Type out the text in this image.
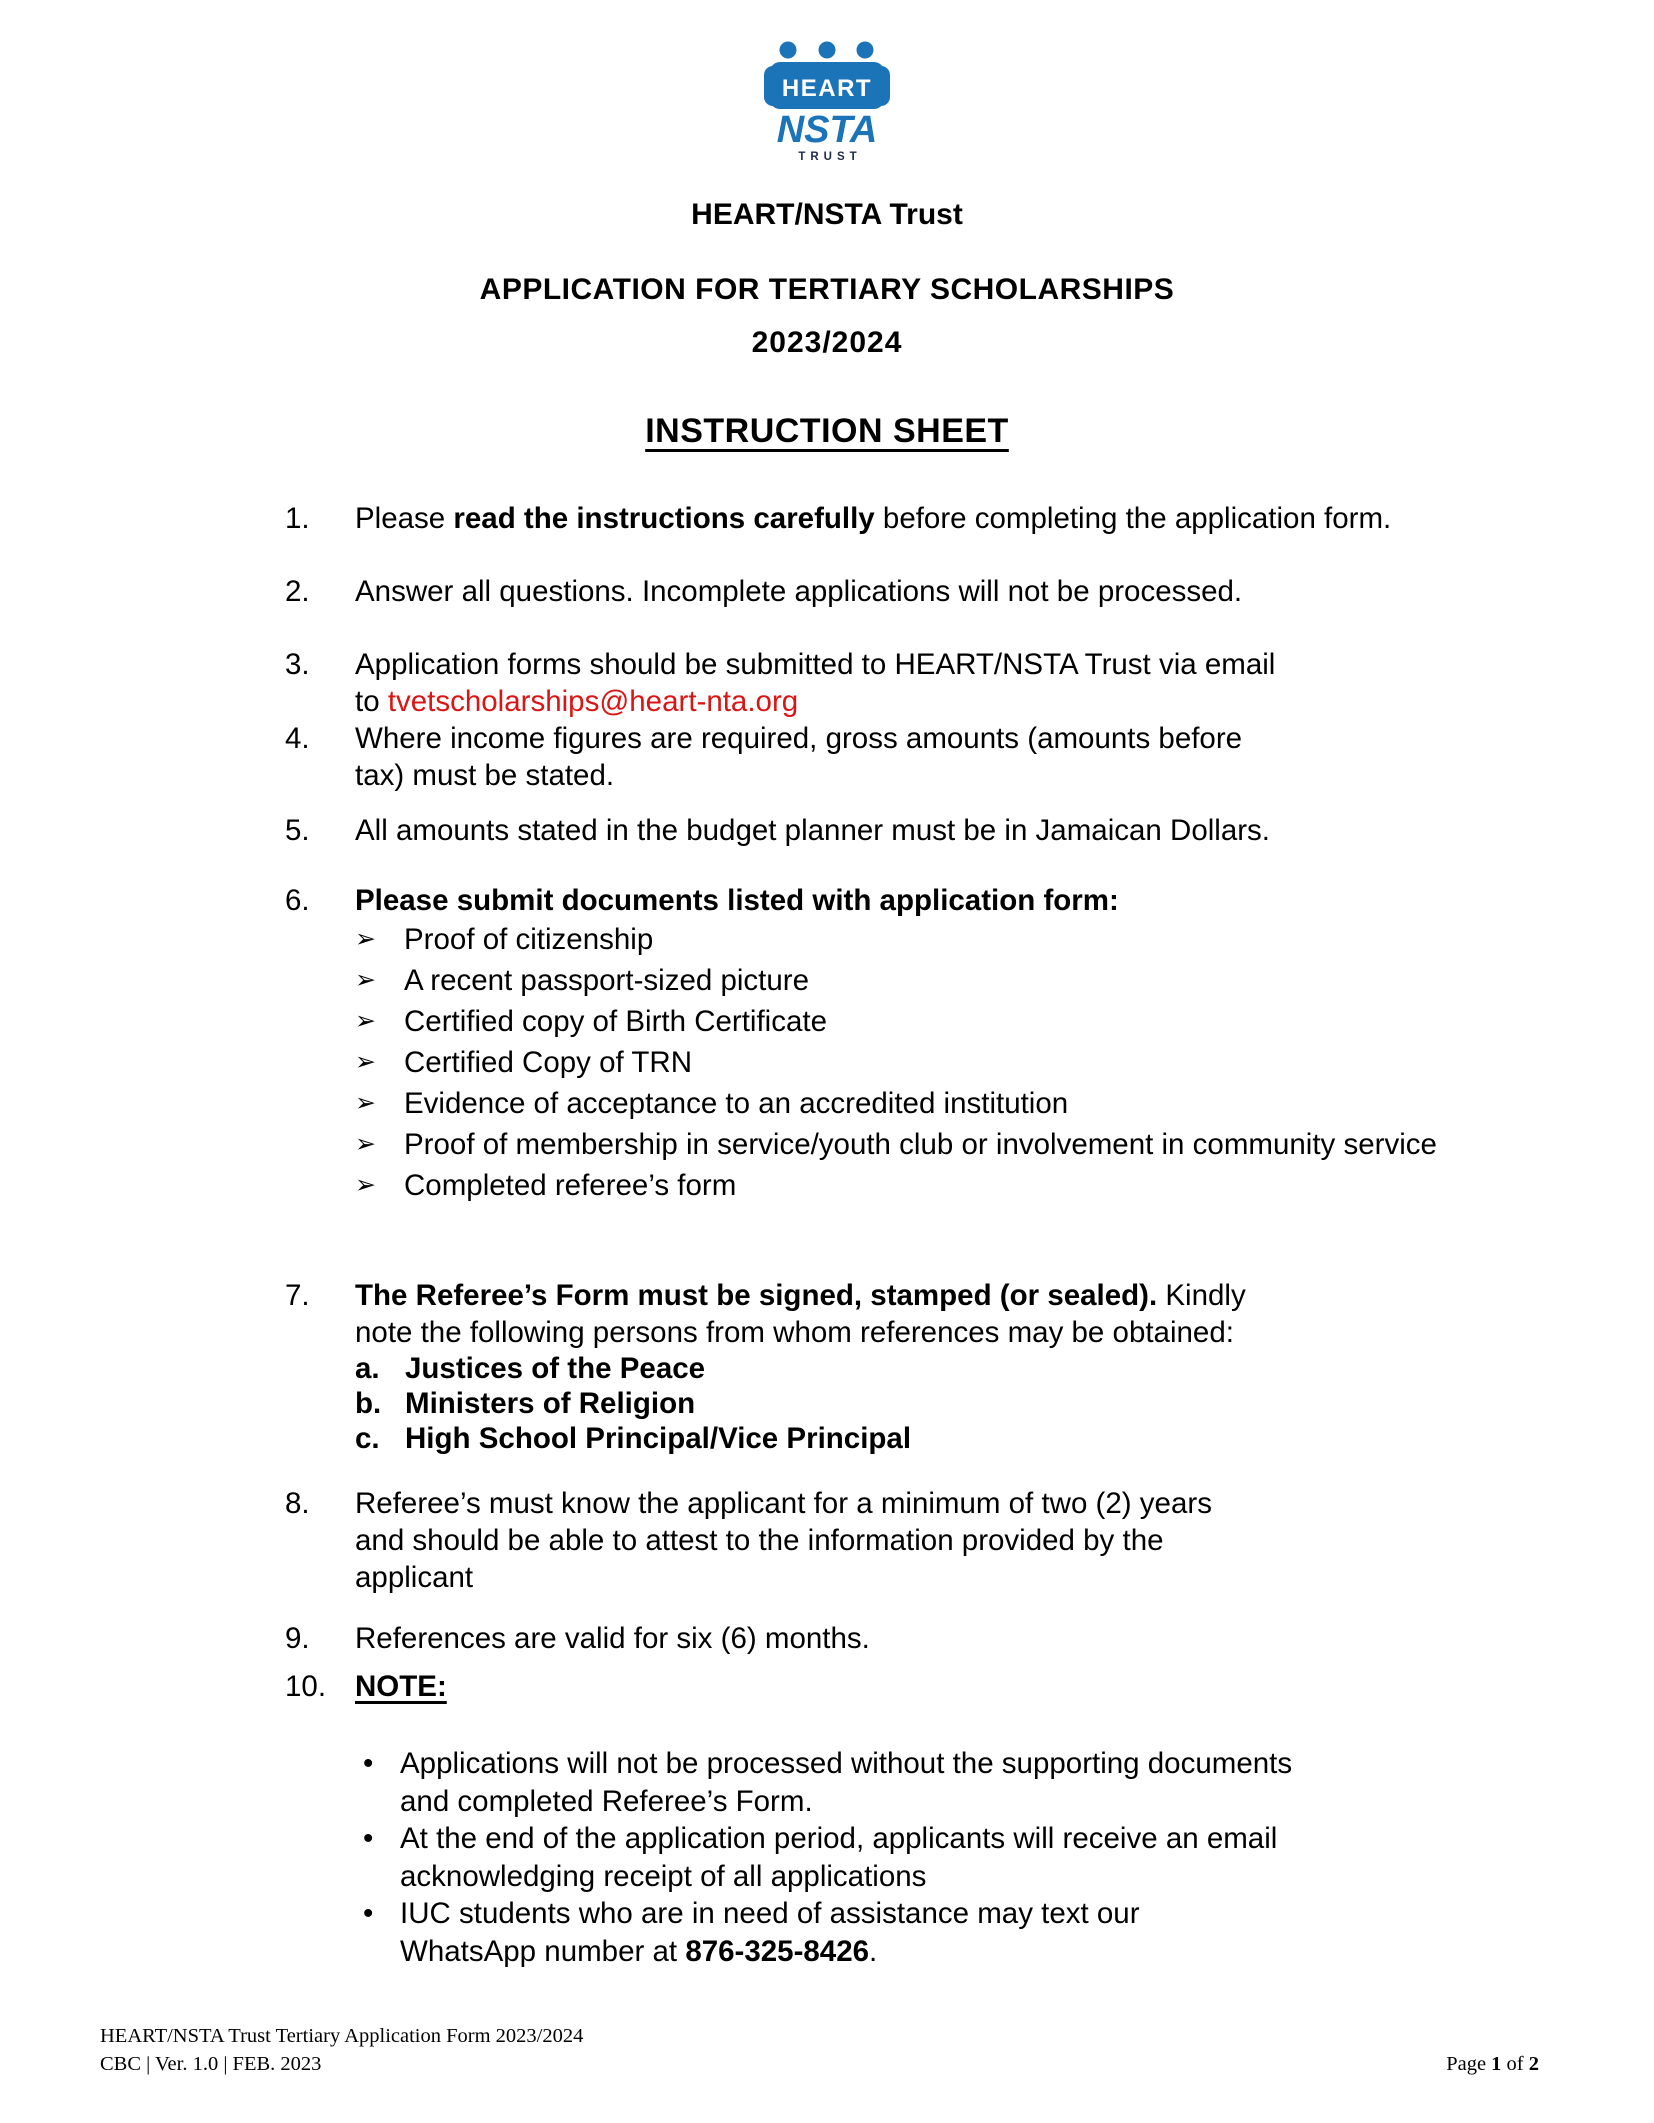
HEART
NSTA
TRUST
HEART/NSTA Trust
APPLICATION FOR TERTIARY SCHOLARSHIPS
2023/2024
INSTRUCTION SHEET
1.	Please read the instructions carefully before completing the application form.
2.	Answer all questions. Incomplete applications will not be processed.
3.	Application forms should be submitted to HEART/NSTA Trust via email
to tvetscholarships@heart-nta.org
4.	Where income figures are required, gross amounts (amounts before
tax) must be stated.
5.	All amounts stated in the budget planner must be in Jamaican Dollars.
6.	Please submit documents listed with application form:
➢ Proof of citizenship
➢ A recent passport-sized picture
➢ Certified copy of Birth Certificate
➢ Certified Copy of TRN
➢ Evidence of acceptance to an accredited institution
➢ Proof of membership in service/youth club or involvement in community service
➢ Completed referee’s form
7.	The Referee’s Form must be signed, stamped (or sealed). Kindly
note the following persons from whom references may be obtained:
a. Justices of the Peace
b. Ministers of Religion
c. High School Principal/Vice Principal
8.	Referee’s must know the applicant for a minimum of two (2) years
and should be able to attest to the information provided by the
applicant
9.	References are valid for six (6) months.
10. NOTE:
• Applications will not be processed without the supporting documents
and completed Referee’s Form.
• At the end of the application period, applicants will receive an email
acknowledging receipt of all applications
• IUC students who are in need of assistance may text our
WhatsApp number at 876-325-8426.
HEART/NSTA Trust Tertiary Application Form 2023/2024
CBC | Ver. 1.0 | FEB. 2023	Page 1 of 2
